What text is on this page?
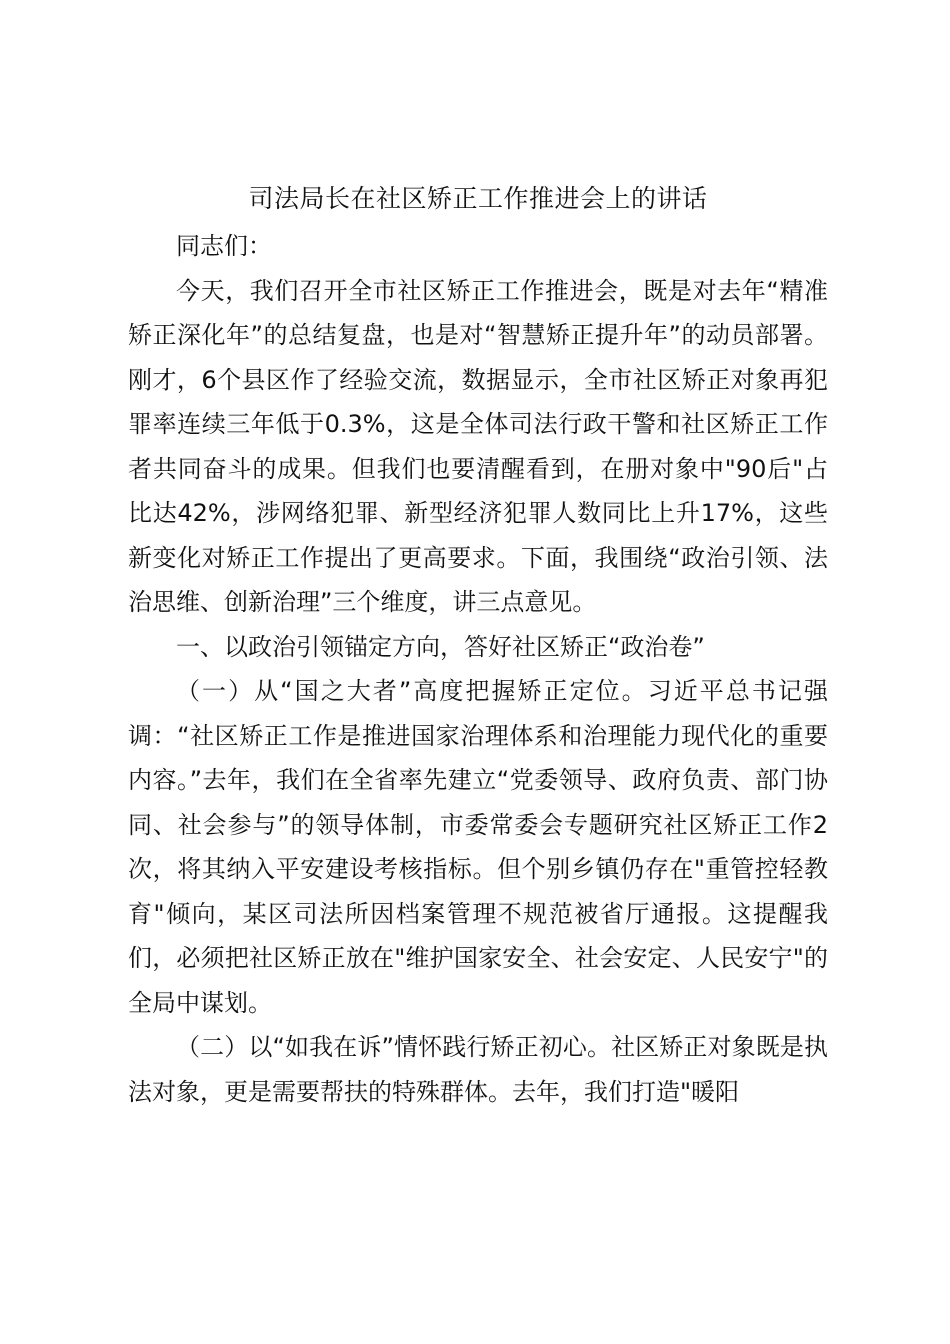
司法局长在社区矫正工作推进会上的讲话

同志们：

今天，我们召开全市社区矫正工作推进会，既是对去年“精准矫正深化年”的总结复盘，也是对“智慧矫正提升年”的动员部署。刚才，6个县区作了经验交流，数据显示，全市社区矫正对象再犯罪率连续三年低于0.3%，这是全体司法行政干警和社区矫正工作者共同奋斗的成果。但我们也要清醒看到，在册对象中"90后"占比达42%，涉网络犯罪、新型经济犯罪人数同比上升17%，这些新变化对矫正工作提出了更高要求。下面，我围绕“政治引领、法治思维、创新治理”三个维度，讲三点意见。

一、以政治引领锚定方向，答好社区矫正“政治卷”

（一）从“国之大者”高度把握矫正定位。习近平总书记强调：“社区矫正工作是推进国家治理体系和治理能力现代化的重要内容。”去年，我们在全省率先建立“党委领导、政府负责、部门协同、社会参与”的领导体制，市委常委会专题研究社区矫正工作2次，将其纳入平安建设考核指标。但个别乡镇仍存在"重管控轻教育"倾向，某区司法所因档案管理不规范被省厅通报。这提醒我们，必须把社区矫正放在"维护国家安全、社会安定、人民安宁"的全局中谋划。

（二）以“如我在诉”情怀践行矫正初心。社区矫正对象既是执法对象，更是需要帮扶的特殊群体。去年，我们打造"暖阳
